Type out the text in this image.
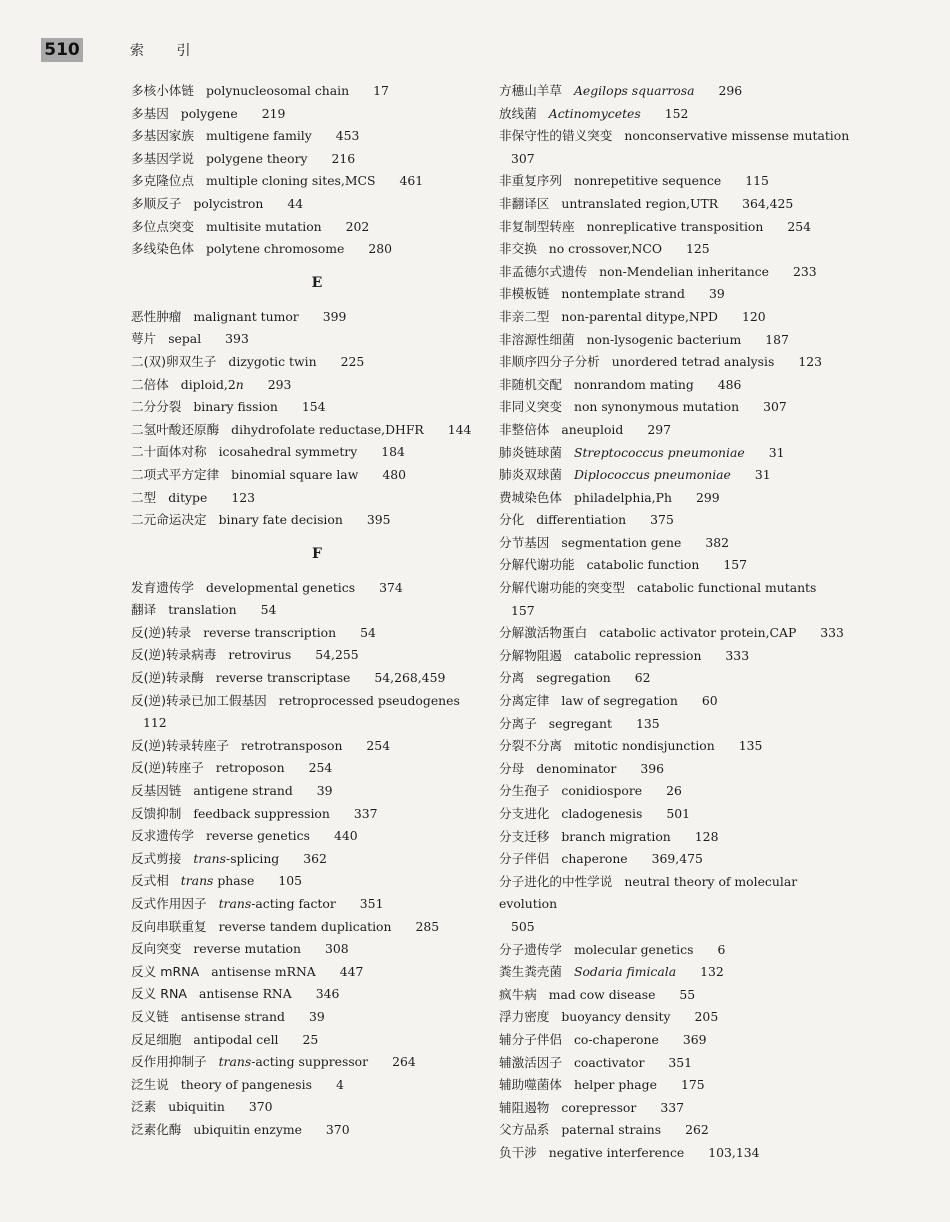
510	索 引
多核小体链 polynucleosomal chain 17
多基因 polygene 219
多基因家族 multigene family 453
多基因学说 polygene theory 216
多克隆位点 multiple cloning sites,MCS 461
多顺反子 polycistron 44
多位点突变 multisite mutation 202
多线染色体 polytene chromosome 280
E
恶性肿瘤 malignant tumor 399
萼片 sepal 393
二(双)卵双生子 dizygotic twin 225
二倍体 diploid,2n 293
二分分裂 binary fission 154
二氢叶酸还原酶 dihydrofolate reductase,DHFR 144
二十面体对称 icosahedral symmetry 184
二项式平方定律 binomial square law 480
二型 ditype 123
二元命运决定 binary fate decision 395
F
发育遗传学 developmental genetics 374
翻译 translation 54
反(逆)转录 reverse transcription 54
反(逆)转录病毒 retrovirus 54,255
反(逆)转录酶 reverse transcriptase 54,268,459
反(逆)转录已加工假基因 retroprocessed pseudogenes
112
反(逆)转录转座子 retrotransposon 254
反(逆)转座子 retroposon 254
反基因链 antigene strand 39
反馈抑制 feedback suppression 337
反求遗传学 reverse genetics 440
反式剪接 trans-splicing 362
反式相 trans phase 105
反式作用因子 trans-acting factor 351
反向串联重复 reverse tandem duplication 285
反向突变 reverse mutation 308
反义 mRNA antisense mRNA 447
反义 RNA antisense RNA 346
反义链 antisense strand 39
反足细胞 antipodal cell 25
反作用抑制子 trans-acting suppressor 264
泛生说 theory of pangenesis 4
泛素 ubiquitin 370
泛素化酶 ubiquitin enzyme 370
方穗山羊草 Aegilops squarrosa 296
放线菌 Actinomycetes 152
非保守性的错义突变 nonconservative missense mutation
307
非重复序列 nonrepetitive sequence 115
非翻译区 untranslated region,UTR 364,425
非复制型转座 nonreplicative transposition 254
非交换 no crossover,NCO 125
非孟德尔式遗传 non-Mendelian inheritance 233
非模板链 nontemplate strand 39
非亲二型 non-parental ditype,NPD 120
非溶源性细菌 non-lysogenic bacterium 187
非顺序四分子分析 unordered tetrad analysis 123
非随机交配 nonrandom mating 486
非同义突变 non synonymous mutation 307
非整倍体 aneuploid 297
肺炎链球菌 Streptococcus pneumoniae 31
肺炎双球菌 Diplococcus pneumoniae 31
费城染色体 philadelphia,Ph 299
分化 differentiation 375
分节基因 segmentation gene 382
分解代谢功能 catabolic function 157
分解代谢功能的突变型 catabolic functional mutants
157
分解激活物蛋白 catabolic activator protein,CAP 333
分解物阻遏 catabolic repression 333
分离 segregation 62
分离定律 law of segregation 60
分离子 segregant 135
分裂不分离 mitotic nondisjunction 135
分母 denominator 396
分生孢子 conidiospore 26
分支进化 cladogenesis 501
分支迁移 branch migration 128
分子伴侣 chaperone 369,475
分子进化的中性学说 neutral theory of molecular evolution
505
分子遗传学 molecular genetics 6
粪生粪壳菌 Sodaria fimicala 132
疯牛病 mad cow disease 55
浮力密度 buoyancy density 205
辅分子伴侣 co-chaperone 369
辅激活因子 coactivator 351
辅助噬菌体 helper phage 175
辅阻遏物 corepressor 337
父方品系 paternal strains 262
负干涉 negative interference 103,134
